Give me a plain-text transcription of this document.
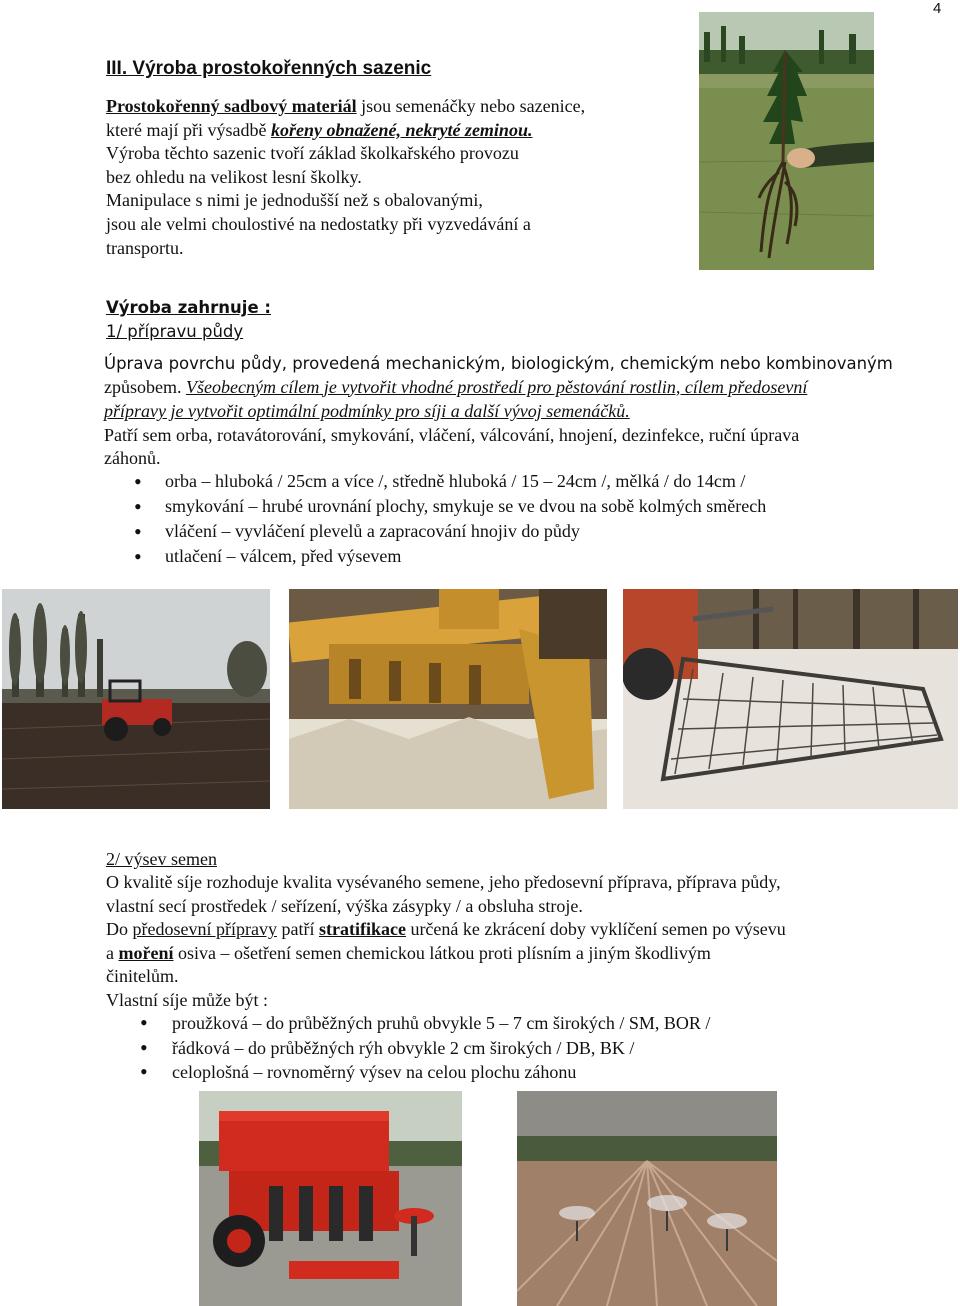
4
III. Výroba prostokořenných sazenic
Prostokořenný sadbový materiál jsou semenáčky nebo sazenice,
které mají při výsadbě kořeny obnažené, nekryté zeminou.
Výroba těchto sazenic tvoří základ školkařského provozu
bez ohledu na velikost lesní školky.
Manipulace s nimi je jednodušší než s obalovanými,
jsou ale velmi choulostivé na nedostatky při vyzvedávání a
transportu.
Výroba zahrnuje :
1/ přípravu půdy
Úprava povrchu půdy, provedená mechanickým, biologickým, chemickým nebo kombinovaným
způsobem. Všeobecným cílem je vytvořit vhodné prostředí pro pěstování rostlin, cílem předosevní
přípravy je vytvořit optimální podmínky pro síji a další vývoj semenáčků.
Patří sem orba, rotavátorování, smykování, vláčení, válcování, hnojení, dezinfekce, ruční úprava
záhonů.
• orba – hluboká / 25cm a více /, středně hluboká / 15 – 24cm /, mělká / do 14cm /
• smykování – hrubé urovnání plochy, smykuje se ve dvou na sobě kolmých směrech
• vláčení – vyvláčení plevelů a zapracování hnojiv do půdy
• utlačení – válcem, před výsevem
2/ výsev semen
O kvalitě síje rozhoduje kvalita vysévaného semene, jeho předosevní příprava, příprava půdy,
vlastní secí prostředek / seřízení, výška zásypky / a obsluha stroje.
Do předosevní přípravy patří stratifikace určená ke zkrácení doby vyklíčení semen po výsevu
a moření osiva – ošetření semen chemickou látkou proti plísním a jiným škodlivým
činitelům.
Vlastní síje může být :
• proužková – do průběžných pruhů obvykle 5 – 7 cm širokých / SM, BOR /
• řádková – do průběžných rýh obvykle 2 cm širokých / DB, BK /
• celoplošná – rovnoměrný výsev na celou plochu záhonu
